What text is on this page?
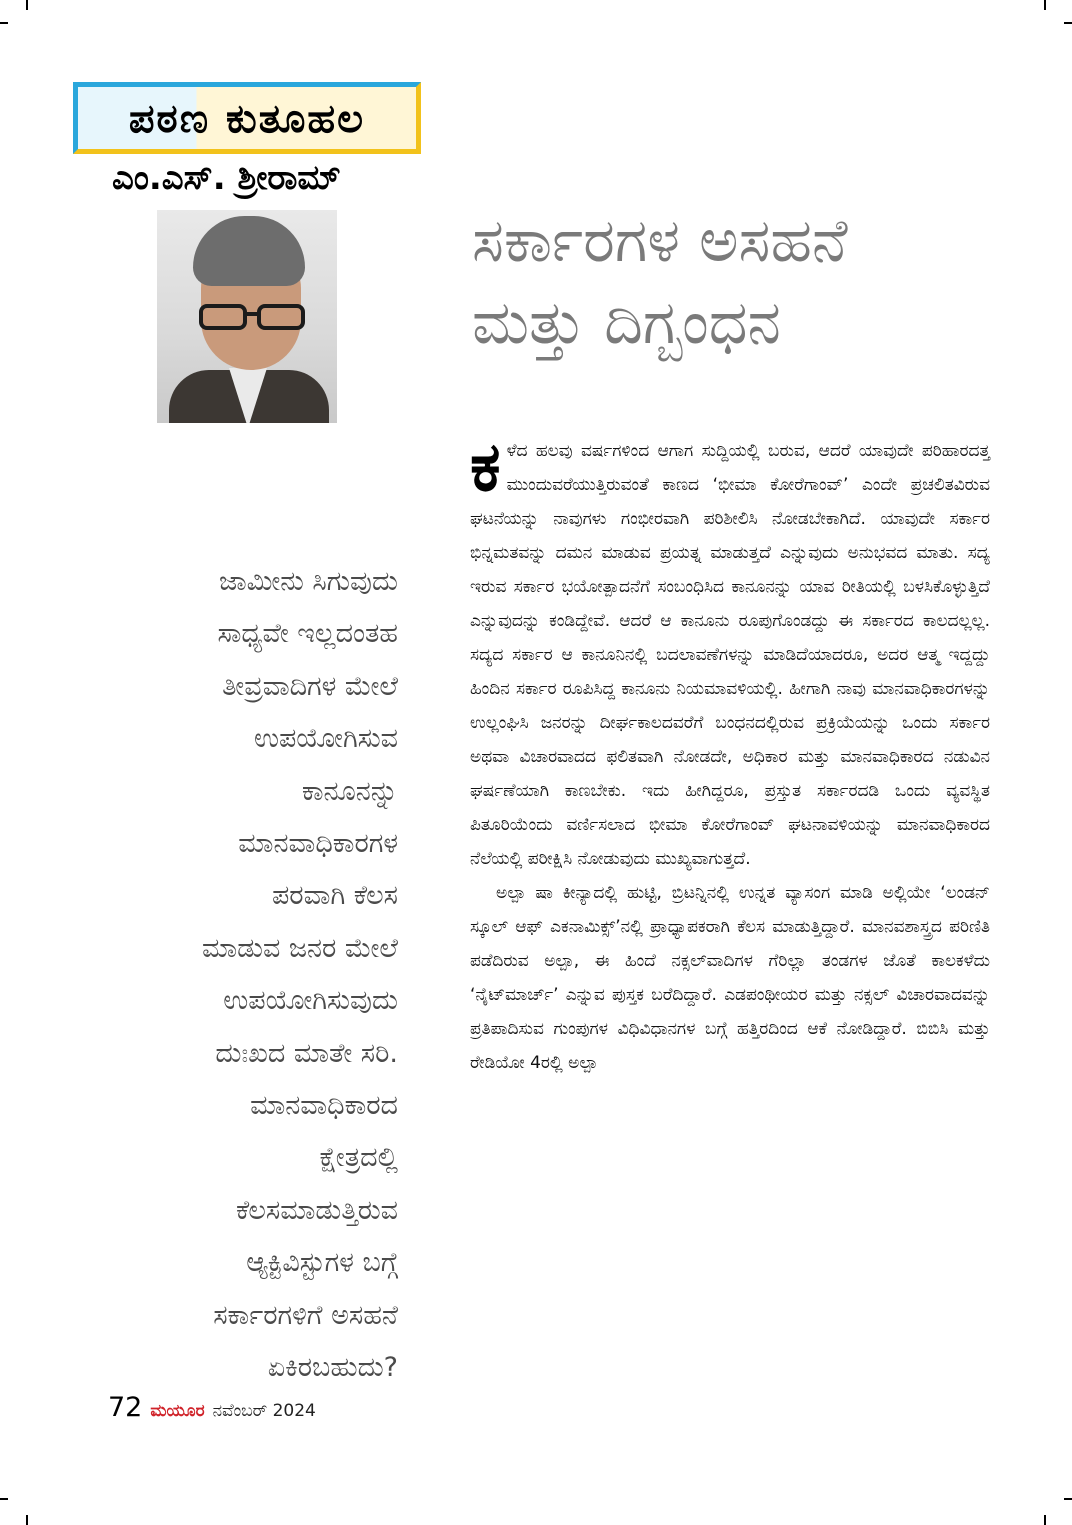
ಪಠಣ ಕುತೂಹಲ
ಎಂ.ಎಸ್. ಶ್ರೀರಾಮ್
ಸರ್ಕಾರಗಳ ಅಸಹನೆ
ಮತ್ತು ದಿಗ್ಬಂಧನ

ಜಾಮೀನು ಸಿಗುವುದು

ಸಾಧ್ಯವೇ ಇಲ್ಲದಂತಹ

ತೀವ್ರವಾದಿಗಳ ಮೇಲೆ

ಉಪಯೋಗಿಸುವ

ಕಾನೂನನ್ನು

ಮಾನವಾಧಿಕಾರಗಳ

ಪರವಾಗಿ ಕೆಲಸ

ಮಾಡುವ ಜನರ ಮೇಲೆ

ಉಪಯೋಗಿಸುವುದು

ದುಃಖದ ಮಾತೇ ಸರಿ.

ಮಾನವಾಧಿಕಾರದ

ಕ್ಷೇತ್ರದಲ್ಲಿ

ಕೆಲಸಮಾಡುತ್ತಿರುವ

ಆ್ಯಕ್ಟಿವಿಸ್ಟುಗಳ ಬಗ್ಗೆ

ಸರ್ಕಾರಗಳಿಗೆ ಅಸಹನೆ

ಏಕಿರಬಹುದು?

ಕಳೆದ ಹಲವು ವರ್ಷಗಳಿಂದ ಆಗಾಗ ಸುದ್ದಿಯಲ್ಲಿ ಬರುವ, ಆದರೆ ಯಾವುದೇ ಪರಿಹಾರದತ್ತ ಮುಂದುವರೆಯುತ್ತಿರುವಂತೆ ಕಾಣದ ‘ಭೀಮಾ ಕೋರೆಗಾಂವ್’ ಎಂದೇ ಪ್ರಚಲಿತವಿರುವ ಘಟನೆಯನ್ನು ನಾವುಗಳು ಗಂಭೀರವಾಗಿ ಪರಿಶೀಲಿಸಿ ನೋಡಬೇಕಾಗಿದೆ. ಯಾವುದೇ ಸರ್ಕಾರ ಭಿನ್ನಮತವನ್ನು ದಮನ ಮಾಡುವ ಪ್ರಯತ್ನ ಮಾಡುತ್ತದೆ ಎನ್ನುವುದು ಅನುಭವದ ಮಾತು. ಸದ್ಯ ಇರುವ ಸರ್ಕಾರ ಭಯೋತ್ಪಾದನೆಗೆ ಸಂಬಂಧಿಸಿದ ಕಾನೂನನ್ನು ಯಾವ ರೀತಿಯಲ್ಲಿ ಬಳಸಿಕೊಳ್ಳುತ್ತಿದೆ ಎನ್ನುವುದನ್ನು ಕಂಡಿದ್ದೇವೆ. ಆದರೆ ಆ ಕಾನೂನು ರೂಪುಗೊಂಡದ್ದು ಈ ಸರ್ಕಾರದ ಕಾಲದಲ್ಲಲ್ಲ. ಸದ್ಯದ ಸರ್ಕಾರ ಆ ಕಾನೂನಿನಲ್ಲಿ ಬದಲಾವಣೆಗಳನ್ನು ಮಾಡಿದೆಯಾದರೂ, ಅದರ ಆತ್ಮ ಇದ್ದದ್ದು ಹಿಂದಿನ ಸರ್ಕಾರ ರೂಪಿಸಿದ್ದ ಕಾನೂನು ನಿಯಮಾವಳಿಯಲ್ಲಿ. ಹೀಗಾಗಿ ನಾವು ಮಾನವಾಧಿಕಾರಗಳನ್ನು ಉಲ್ಲಂಘಿಸಿ ಜನರನ್ನು ದೀರ್ಘಕಾಲದವರೆಗೆ ಬಂಧನದಲ್ಲಿರುವ ಪ್ರಕ್ರಿಯೆಯನ್ನು ಒಂದು ಸರ್ಕಾರ ಅಥವಾ ವಿಚಾರವಾದದ ಫಲಿತವಾಗಿ ನೋಡದೇ, ಅಧಿಕಾರ ಮತ್ತು ಮಾನವಾಧಿಕಾರದ ನಡುವಿನ ಘರ್ಷಣೆಯಾಗಿ ಕಾಣಬೇಕು. ಇದು ಹೀಗಿದ್ದರೂ, ಪ್ರಸ್ತುತ ಸರ್ಕಾರದಡಿ ಒಂದು ವ್ಯವಸ್ಥಿತ ಪಿತೂರಿಯೆಂದು ವರ್ಣಿಸಲಾದ ಭೀಮಾ ಕೋರೆಗಾಂವ್ ಘಟನಾವಳಿಯನ್ನು ಮಾನವಾಧಿಕಾರದ ನೆಲೆಯಲ್ಲಿ ಪರೀಕ್ಷಿಸಿ ನೋಡುವುದು ಮುಖ್ಯವಾಗುತ್ತದೆ.

ಅಲ್ಪಾ ಷಾ ಕೀನ್ಯಾದಲ್ಲಿ ಹುಟ್ಟಿ, ಬ್ರಿಟನ್ನಿನಲ್ಲಿ ಉನ್ನತ ವ್ಯಾಸಂಗ ಮಾಡಿ ಅಲ್ಲಿಯೇ ‘ಲಂಡನ್ ಸ್ಕೂಲ್ ಆಫ್ ಎಕನಾಮಿಕ್ಸ್’ನಲ್ಲಿ ಪ್ರಾಧ್ಯಾಪಕರಾಗಿ ಕೆಲಸ ಮಾಡುತ್ತಿದ್ದಾರೆ. ಮಾನವಶಾಸ್ತ್ರದ ಪರಿಣಿತಿ ಪಡೆದಿರುವ ಅಲ್ಪಾ, ಈ ಹಿಂದೆ ನಕ್ಸಲ್‌ವಾದಿಗಳ ಗೆರಿಲ್ಲಾ ತಂಡಗಳ ಜೊತೆ ಕಾಲಕಳೆದು ‘ನೈಟ್‌ಮಾರ್ಚ್’ ಎನ್ನುವ ಪುಸ್ತಕ ಬರೆದಿದ್ದಾರೆ. ಎಡಪಂಥೀಯರ ಮತ್ತು ನಕ್ಸಲ್ ವಿಚಾರವಾದವನ್ನು ಪ್ರತಿಪಾದಿಸುವ ಗುಂಪುಗಳ ವಿಧಿವಿಧಾನಗಳ ಬಗ್ಗೆ ಹತ್ತಿರದಿಂದ ಆಕೆ ನೋಡಿದ್ದಾರೆ. ಬಿಬಿಸಿ ಮತ್ತು ರೇಡಿಯೋ 4ರಲ್ಲಿ ಅಲ್ಪಾ

72 ಮಯೂರ ನವೆಂಬರ್ 2024
